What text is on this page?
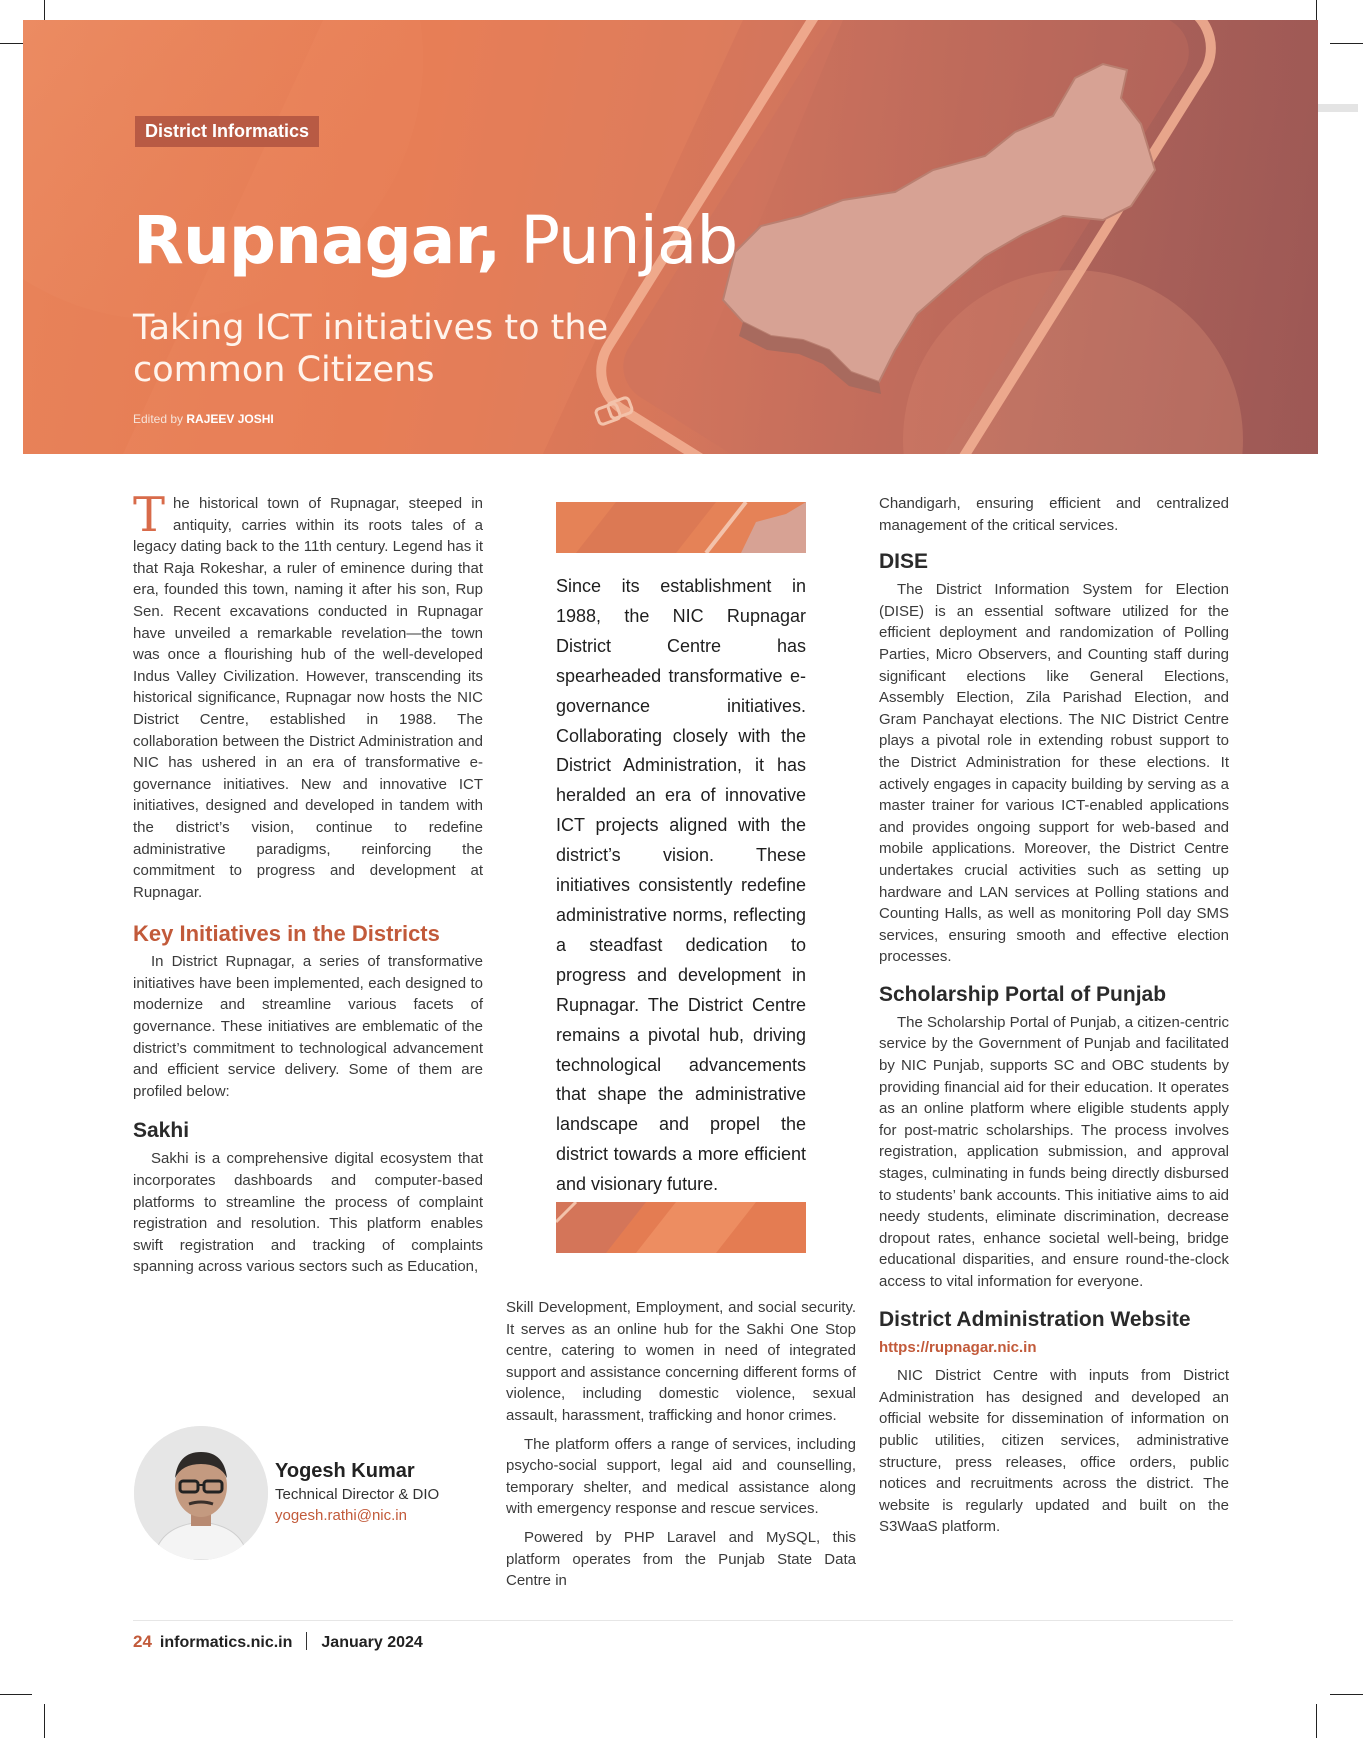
District Informatics
Rupnagar, Punjab
Taking ICT initiatives to the common Citizens
Edited by RAJEEV JOSHI

The historical town of Rupnagar, steeped in antiquity, carries within its roots tales of a legacy dating back to the 11th century. Legend has it that Raja Rokeshar, a ruler of eminence during that era, founded this town, naming it after his son, Rup Sen. Recent excavations conducted in Rupnagar have unveiled a remarkable revelation—the town was once a flourishing hub of the well-developed Indus Valley Civilization. However, transcending its historical significance, Rupnagar now hosts the NIC District Centre, established in 1988. The collaboration between the District Administration and NIC has ushered in an era of transformative e-governance initiatives. New and innovative ICT initiatives, designed and developed in tandem with the district’s vision, continue to redefine administrative paradigms, reinforcing the commitment to progress and development at Rupnagar.

Key Initiatives in the Districts

In District Rupnagar, a series of transformative initiatives have been implemented, each designed to modernize and streamline various facets of governance. These initiatives are emblematic of the district’s commitment to technological advancement and efficient service delivery. Some of them are profiled below:

Sakhi

Sakhi is a comprehensive digital ecosystem that incorporates dashboards and computer-based platforms to streamline the process of complaint registration and resolution. This platform enables swift registration and tracking of complaints spanning across various sectors such as Education,

Since its establishment in 1988, the NIC Rupnagar District Centre has spearheaded transformative e-governance initiatives. Collaborating closely with the District Administration, it has heralded an era of innovative ICT projects aligned with the district’s vision. These initiatives consistently redefine administrative norms, reflecting a steadfast dedication to progress and development in Rupnagar. The District Centre remains a pivotal hub, driving technological advancements that shape the administrative landscape and propel the district towards a more efficient and visionary future.

Skill Development, Employment, and social security. It serves as an online hub for the Sakhi One Stop centre, catering to women in need of integrated support and assistance concerning different forms of violence, including domestic violence, sexual assault, harassment, trafficking and honor crimes.

The platform offers a range of services, including psycho-social support, legal aid and counselling, temporary shelter, and medical assistance along with emergency response and rescue services.

Powered by PHP Laravel and MySQL, this platform operates from the Punjab State Data Centre in

Chandigarh, ensuring efficient and centralized management of the critical services.

DISE

The District Information System for Election (DISE) is an essential software utilized for the efficient deployment and randomization of Polling Parties, Micro Observers, and Counting staff during significant elections like General Elections, Assembly Election, Zila Parishad Election, and Gram Panchayat elections. The NIC District Centre plays a pivotal role in extending robust support to the District Administration for these elections. It actively engages in capacity building by serving as a master trainer for various ICT-enabled applications and provides ongoing support for web-based and mobile applications. Moreover, the District Centre undertakes crucial activities such as setting up hardware and LAN services at Polling stations and Counting Halls, as well as monitoring Poll day SMS services, ensuring smooth and effective election processes.

Scholarship Portal of Punjab

The Scholarship Portal of Punjab, a citizen-centric service by the Government of Punjab and facilitated by NIC Punjab, supports SC and OBC students by providing financial aid for their education. It operates as an online platform where eligible students apply for post-matric scholarships. The process involves registration, application submission, and approval stages, culminating in funds being directly disbursed to students’ bank accounts. This initiative aims to aid needy students, eliminate discrimination, decrease dropout rates, enhance societal well-being, bridge educational disparities, and ensure round-the-clock access to vital information for everyone.

District Administration Website

https://rupnagar.nic.in

NIC District Centre with inputs from District Administration has designed and developed an official website for dissemination of information on public utilities, citizen services, administrative structure, press releases, office orders, public notices and recruitments across the district. The website is regularly updated and built on the S3WaaS platform.

Yogesh Kumar
Technical Director & DIO
yogesh.rathi@nic.in
24 informatics.nic.in January 2024
